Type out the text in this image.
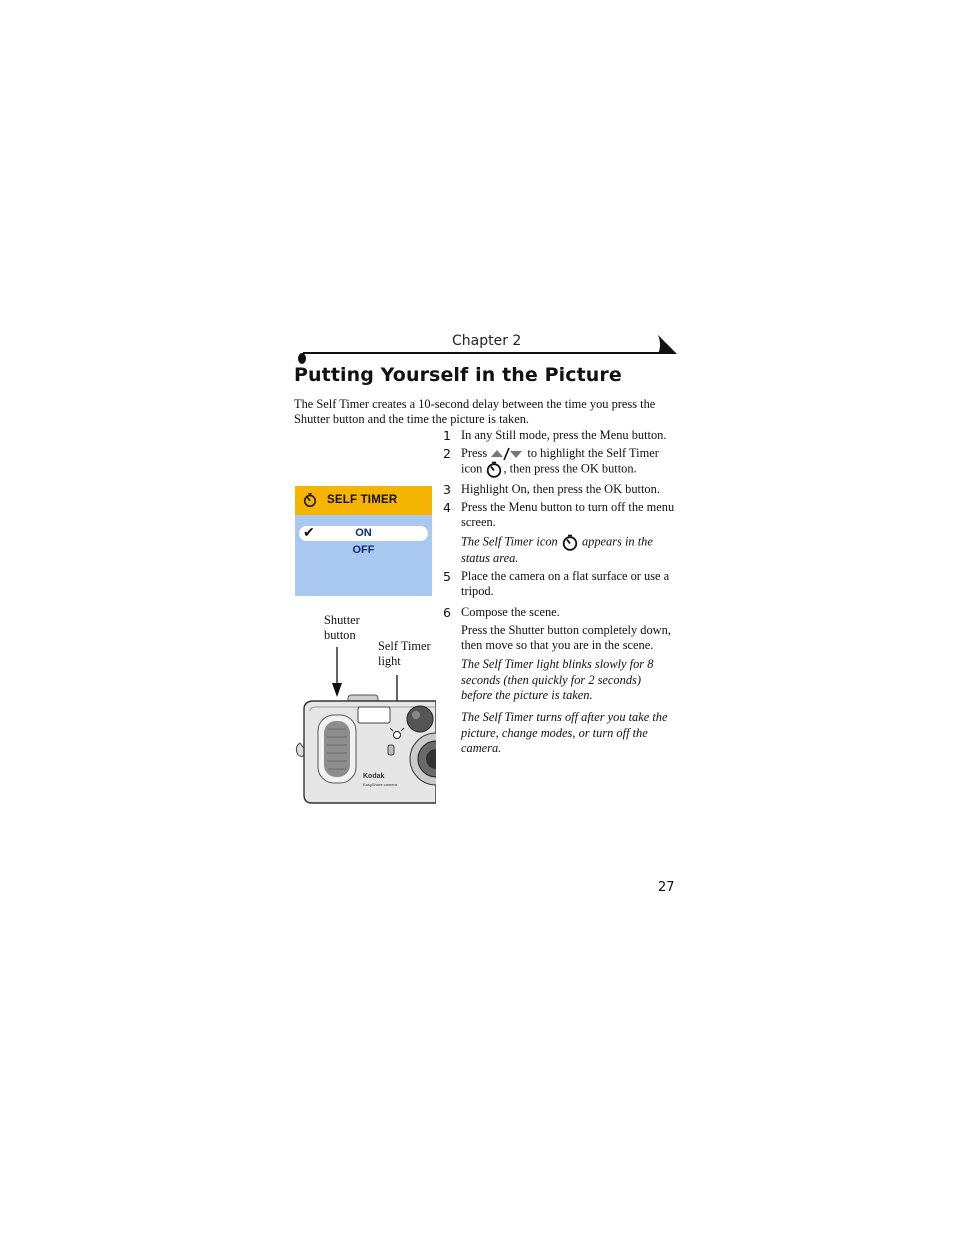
Chapter 2
Putting Yourself in the Picture
The Self Timer creates a 10-second delay between the time you press the Shutter button and the time the picture is taken.
1 In any Still mode, press the Menu button.
2 Press	to highlight the Self Timer
icon , then press the OK button.
SELF TIMER
✔	ON
OFF
3 Highlight On, then press the OK button.
4 Press the Menu button to turn off the menu screen.
The Self Timer icon appears in the
status area.
5 Place the camera on a flat surface or use a tripod.
6 Compose the scene.
Press the Shutter button completely down, then move so that you are in the scene.
The Self Timer light blinks slowly for 8 seconds (then quickly for 2 seconds) before the picture is taken.
The Self Timer turns off after you take the picture, change modes, or turn off the camera.
Shutter
button
Self Timer
light
Kodak
EasyShare camera
27
